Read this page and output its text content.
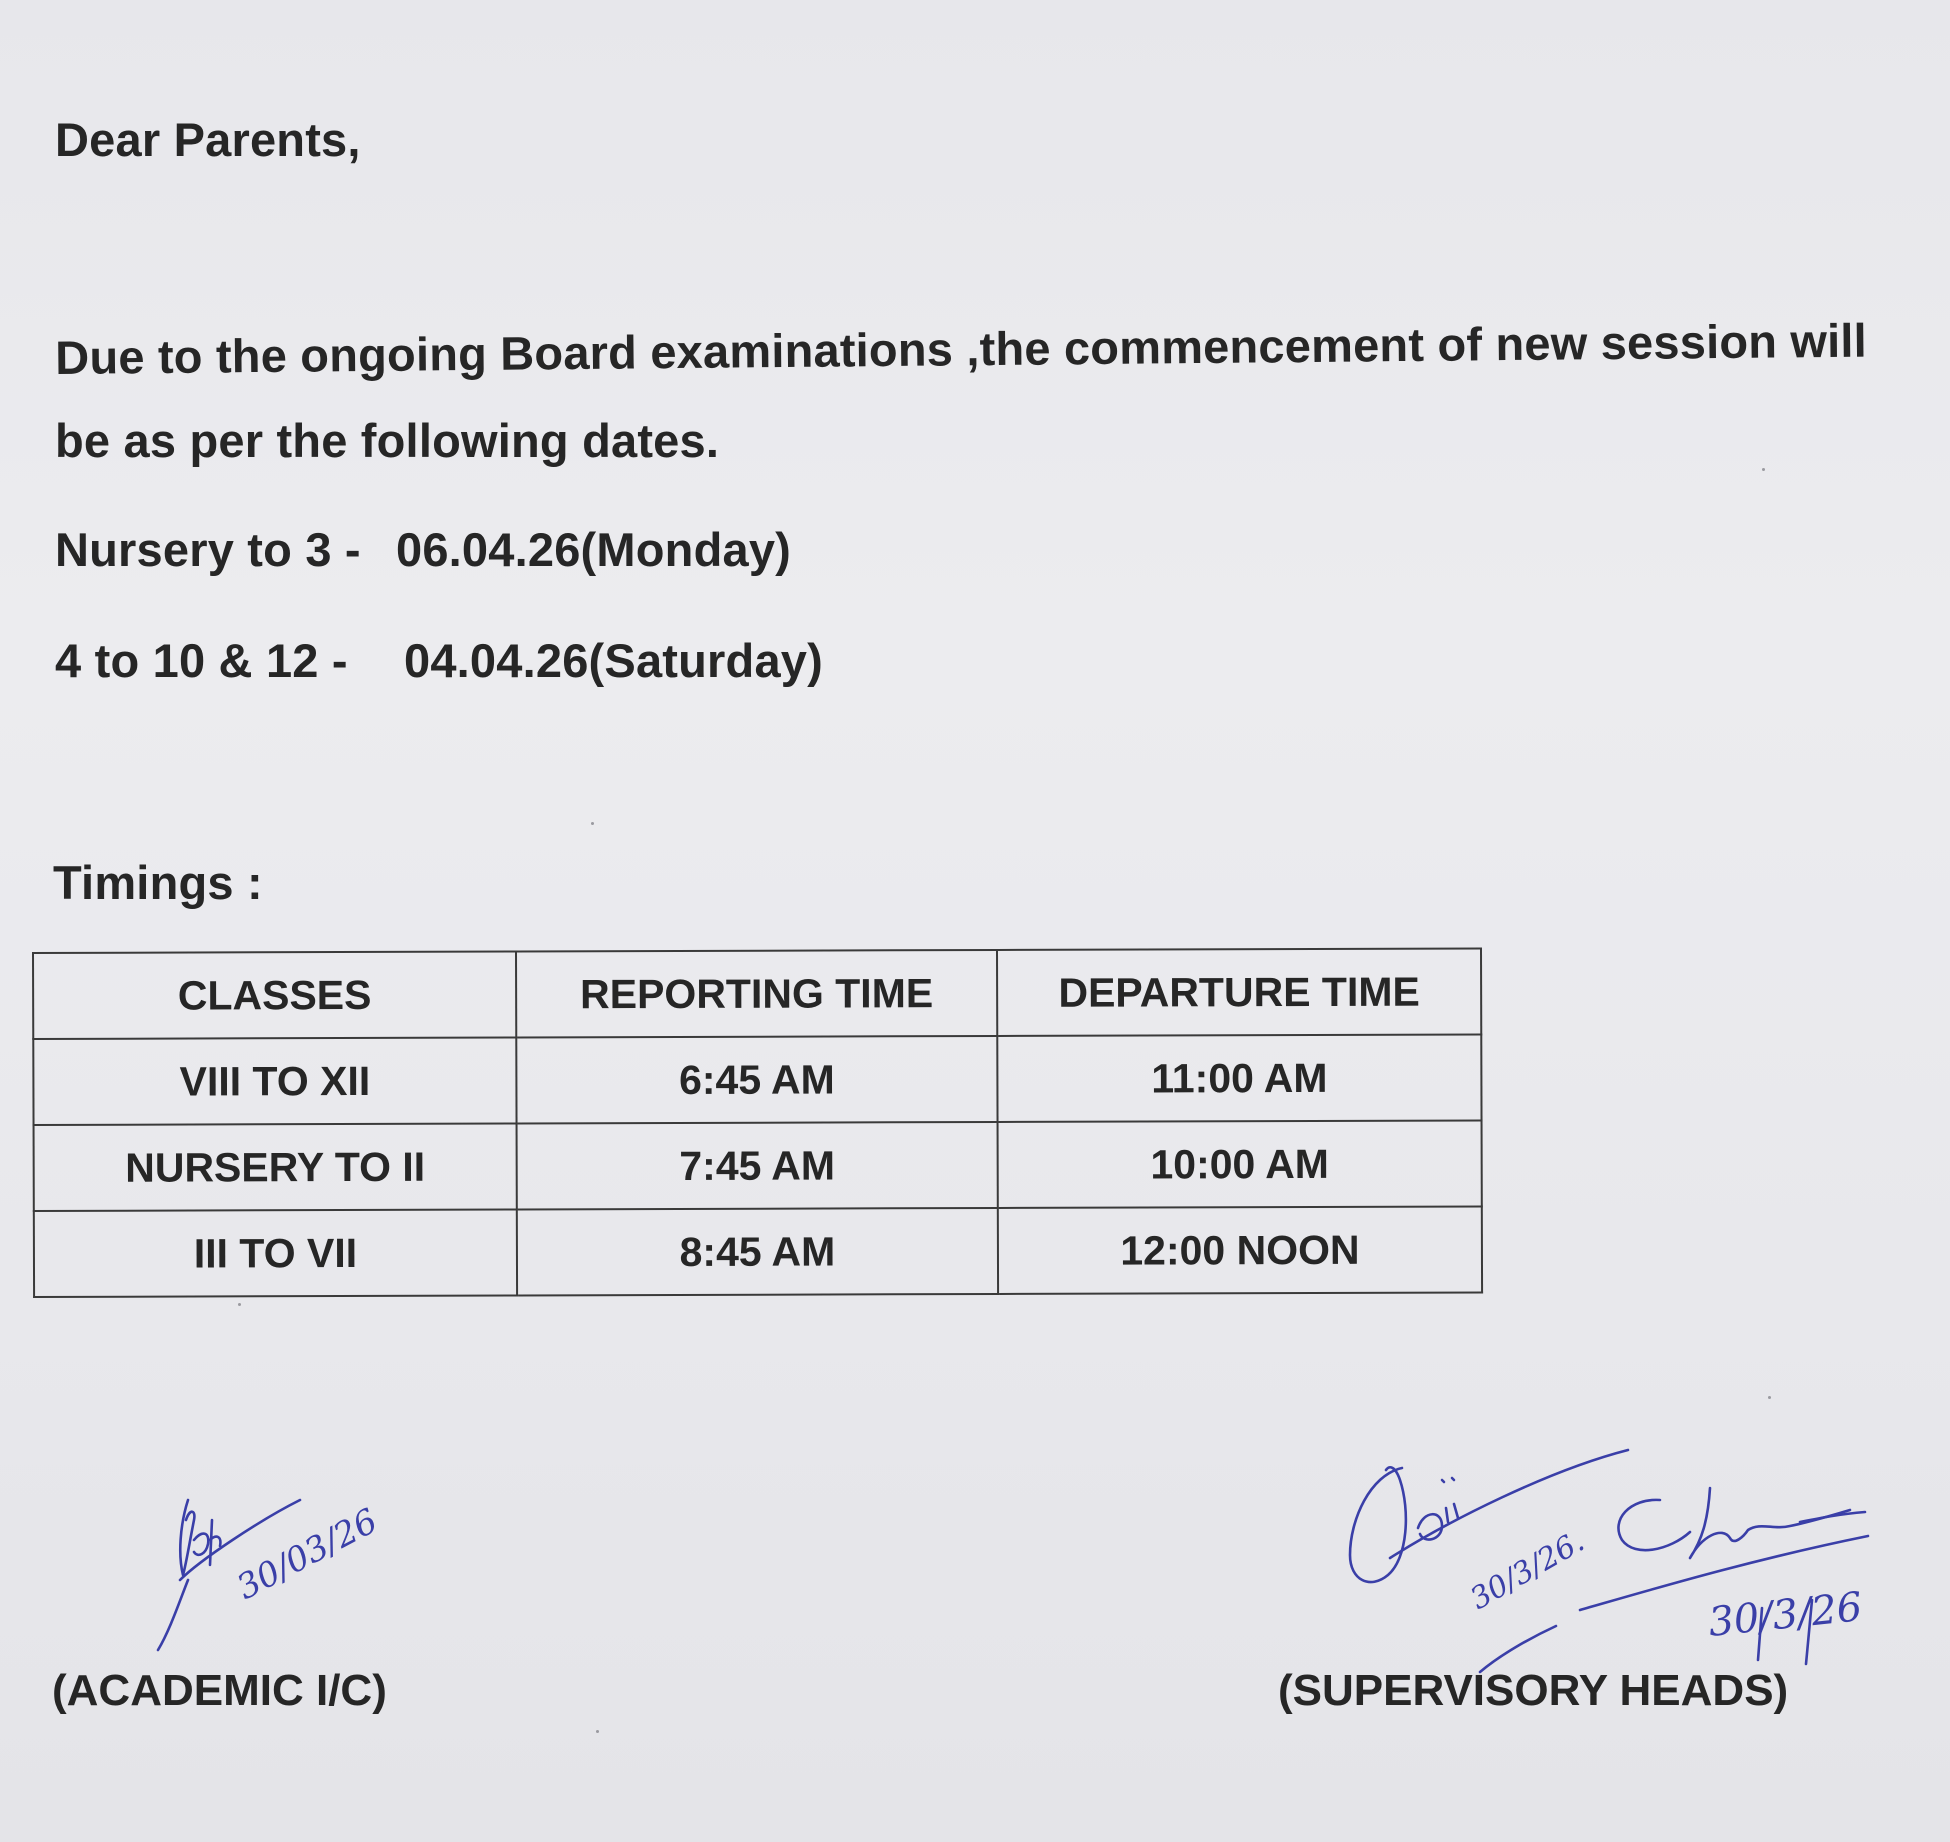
Dear Parents,

Due to the ongoing Board examinations ,the commencement of new session will

be as per the following dates.

Nursery to 3 - 06.04.26(Monday)

4 to 10 & 12 - 04.04.26(Saturday)

Timings :

CLASSES	REPORTING TIME	DEPARTURE TIME
VIII TO XII	6:45 AM	11:00 AM
NURSERY TO II	7:45 AM	10:00 AM
III TO VII	8:45 AM	12:00 NOON
30/03/26

(ACADEMIC I/C)

30/3/26.	30/3/26

(SUPERVISORY HEADS)
